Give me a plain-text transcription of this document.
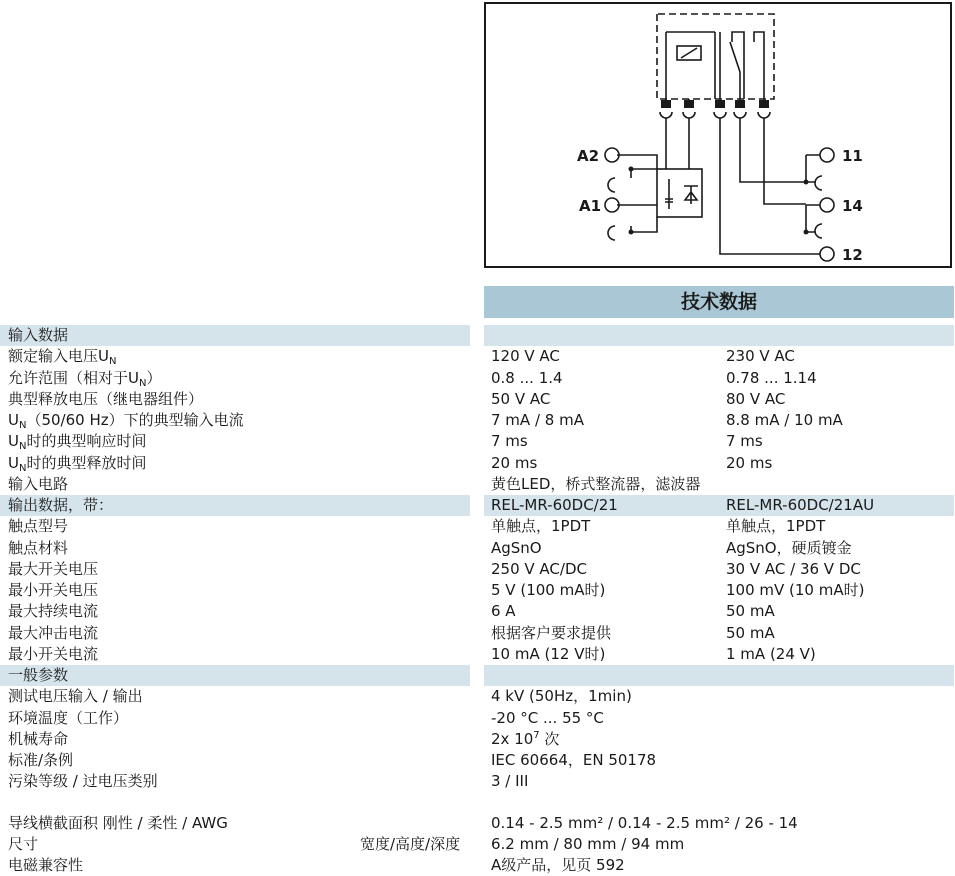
A2
A1
11
14
12
技术数据
输入数据
额定输入电压$U_N$	120 V AC	230 V AC
允许范围（相对于$U_N$）	0.8 ... 1.4	0.78 ... 1.14
典型释放电压（继电器组件）	50 V AC	80 V AC
$U_N(50/60$ Hz）下的典型输入电流	7 mA / 8 mA	8.8 mA / 10 mA
$U_N$时的典型响应时间	7 ms	7 ms
$U_N$时的典型释放时间	20 ms	20 ms
输入电路	黄色LED，桥式整流器，滤波器
输出数据，带：	REL-MR-60DC/21	REL-MR-60DC/21AU
触点型号	单触点，1PDT	单触点，1PDT
触点材料	AgSnO	AgSnO，硬质镀金
最大开关电压	250 V AC/DC	30 V AC / 36 V DC
最小开关电压	5 V (100 mA时)	100 mV (10 mA时)
最大持续电流	6 A	50 mA
最大冲击电流	根据客户要求提供	50 mA
最小开关电流	10 mA (12 V时)	1 mA (24 V)
一般参数
测试电压输入 / 输出	4 kV (50Hz，1min)
环境温度（工作）	-20 °C ... 55 °C
机械寿命	2x $10^7$ 次
标准/条例	IEC 60664，EN 50178
污染等级 / 过电压类别	3 / III
导线横截面积 刚性 / 柔性 / AWG	0.14 - 2.5 mm² / 0.14 - 2.5 mm² / 26 - 14
尺寸	宽度/高度/深度 6.2 mm / 80 mm / 94 mm
电磁兼容性	A级产品，见页 592
